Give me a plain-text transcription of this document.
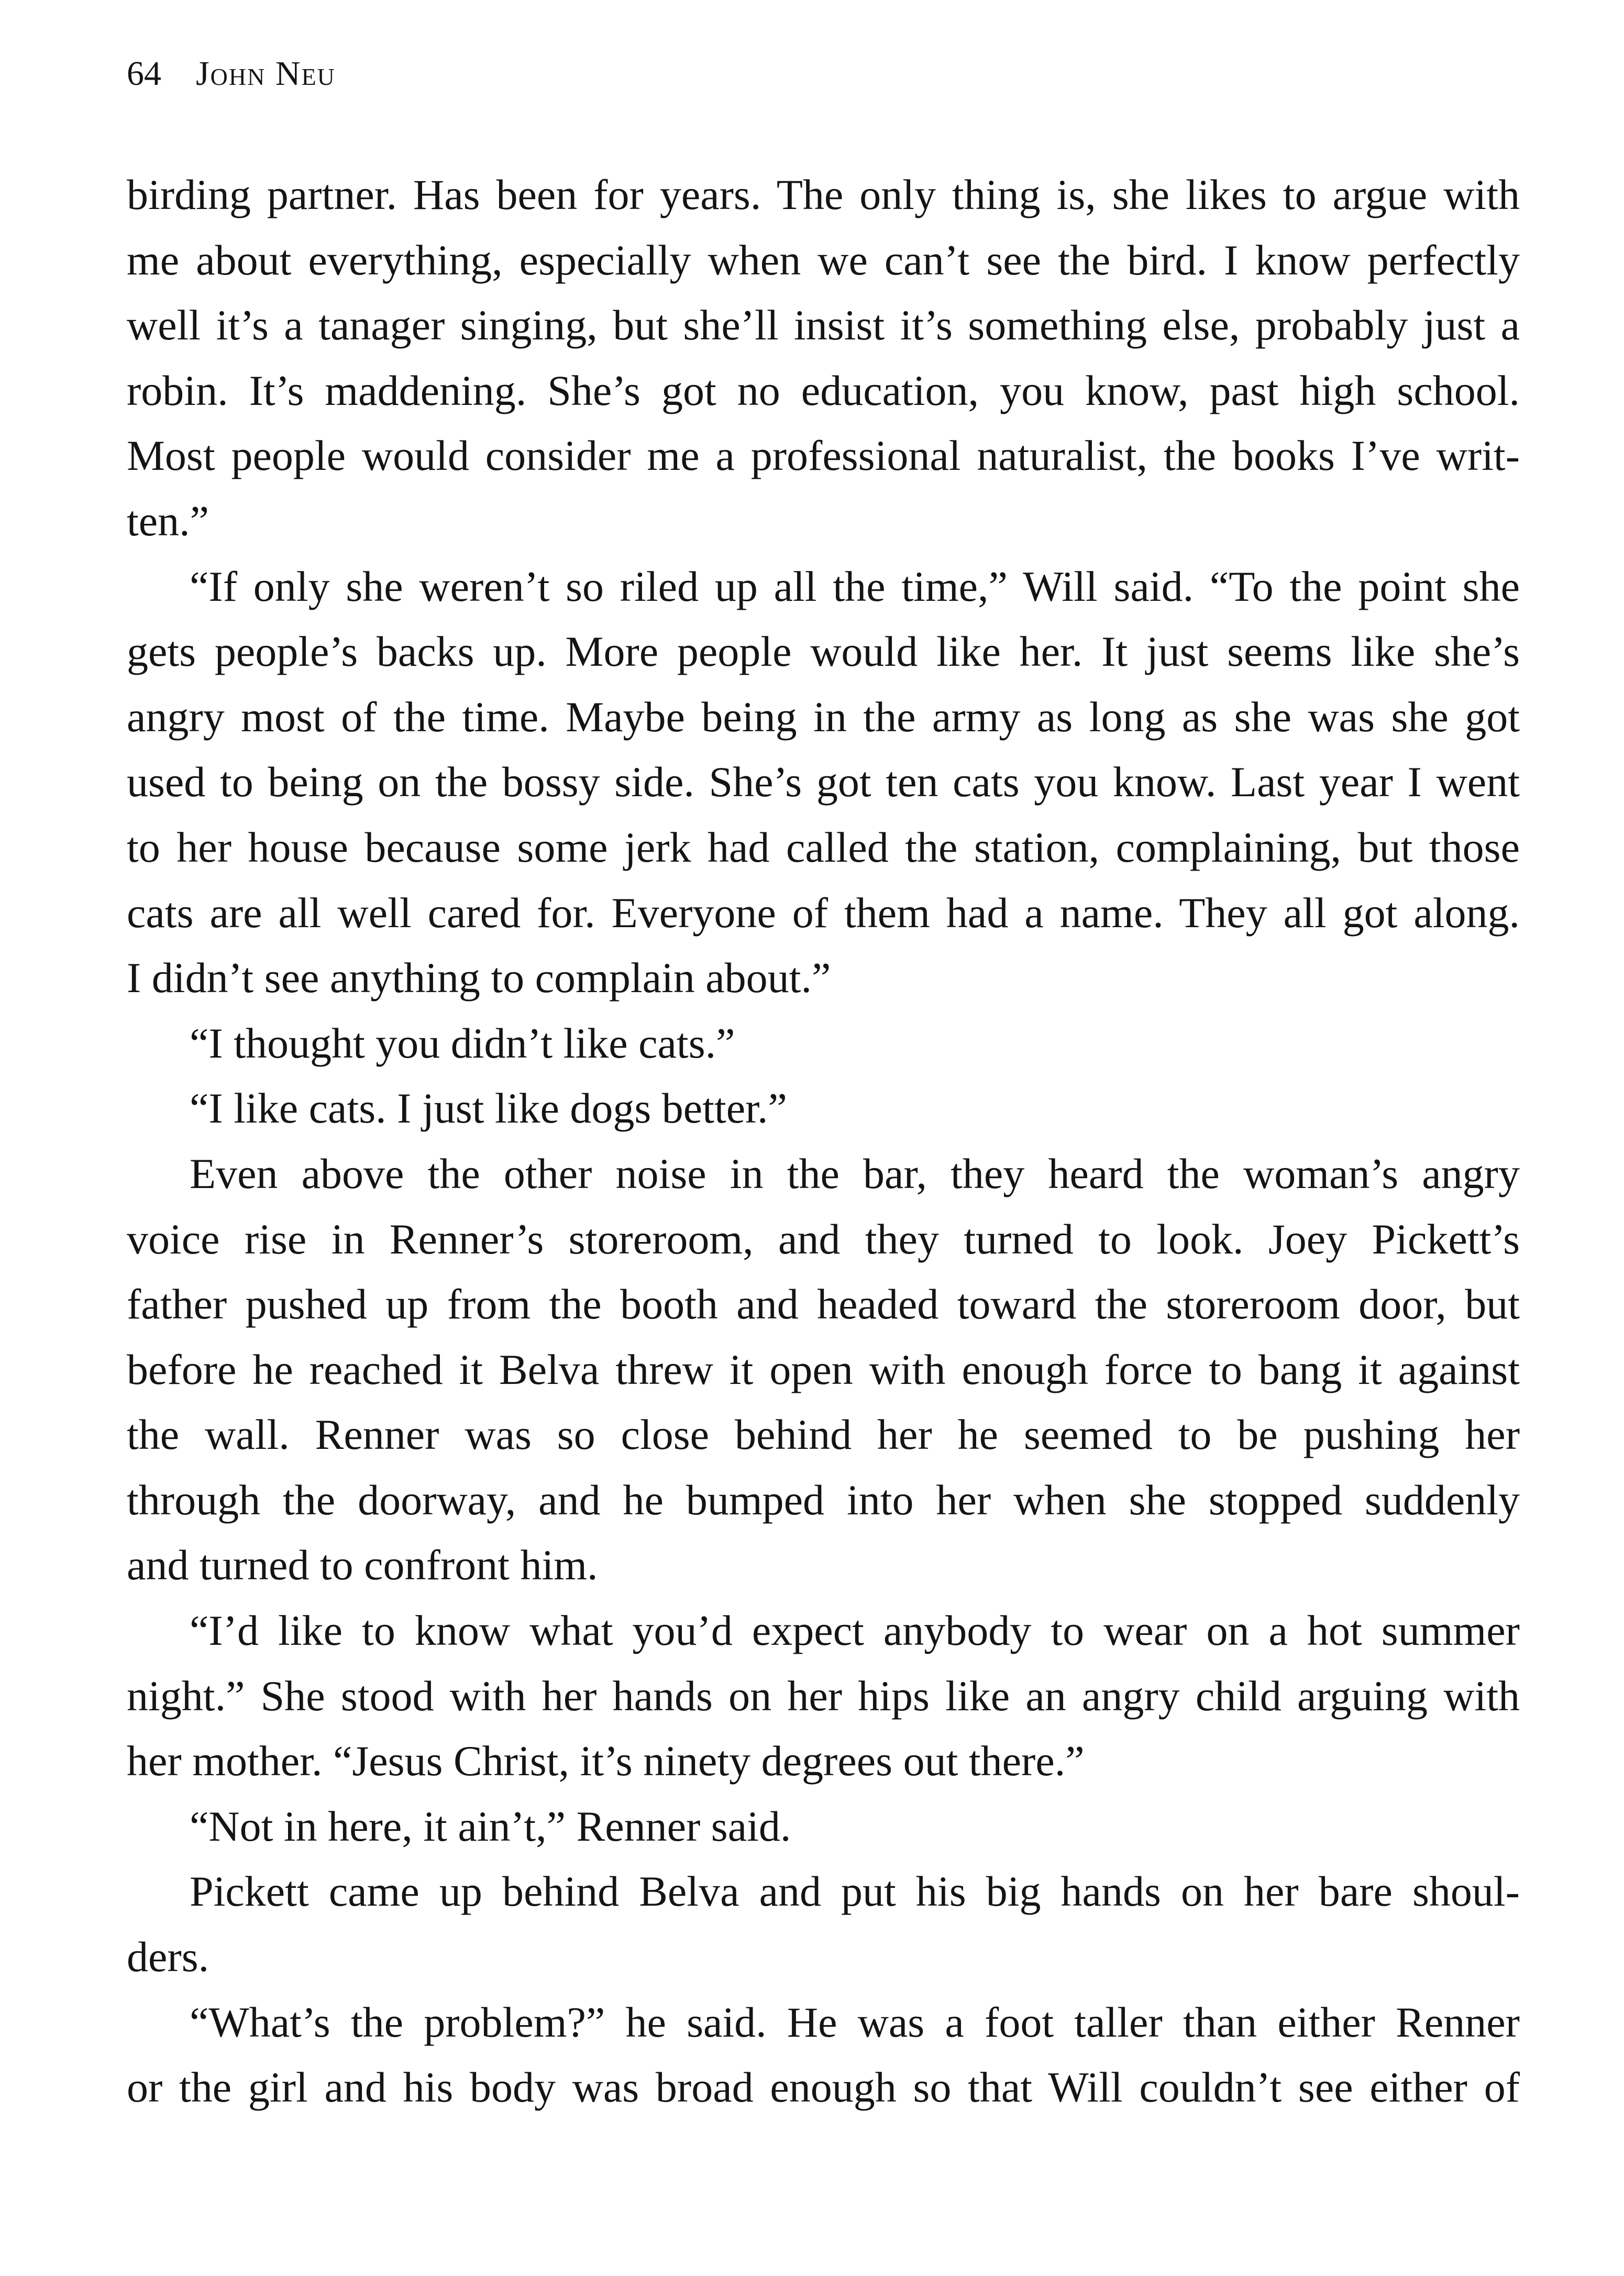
64 John Neu
birding partner. Has been for years. The only thing is, she likes to argue with
me about everything, especially when we can’t see the bird. I know perfectly
well it’s a tanager singing, but she’ll insist it’s something else, probably just a
robin. It’s maddening. She’s got no education, you know, past high school.
Most people would consider me a professional naturalist, the books I’ve writ-
ten.”
“If only she weren’t so riled up all the time,” Will said. “To the point she
gets people’s backs up. More people would like her. It just seems like she’s
angry most of the time. Maybe being in the army as long as she was she got
used to being on the bossy side. She’s got ten cats you know. Last year I went
to her house because some jerk had called the station, complaining, but those
cats are all well cared for. Everyone of them had a name. They all got along.
I didn’t see anything to complain about.”
“I thought you didn’t like cats.”
“I like cats. I just like dogs better.”
Even above the other noise in the bar, they heard the woman’s angry
voice rise in Renner’s storeroom, and they turned to look. Joey Pickett’s
father pushed up from the booth and headed toward the storeroom door, but
before he reached it Belva threw it open with enough force to bang it against
the wall. Renner was so close behind her he seemed to be pushing her
through the doorway, and he bumped into her when she stopped suddenly
and turned to confront him.
“I’d like to know what you’d expect anybody to wear on a hot summer
night.” She stood with her hands on her hips like an angry child arguing with
her mother. “Jesus Christ, it’s ninety degrees out there.”
“Not in here, it ain’t,” Renner said.
Pickett came up behind Belva and put his big hands on her bare shoul-
ders.
“What’s the problem?” he said. He was a foot taller than either Renner
or the girl and his body was broad enough so that Will couldn’t see either of
